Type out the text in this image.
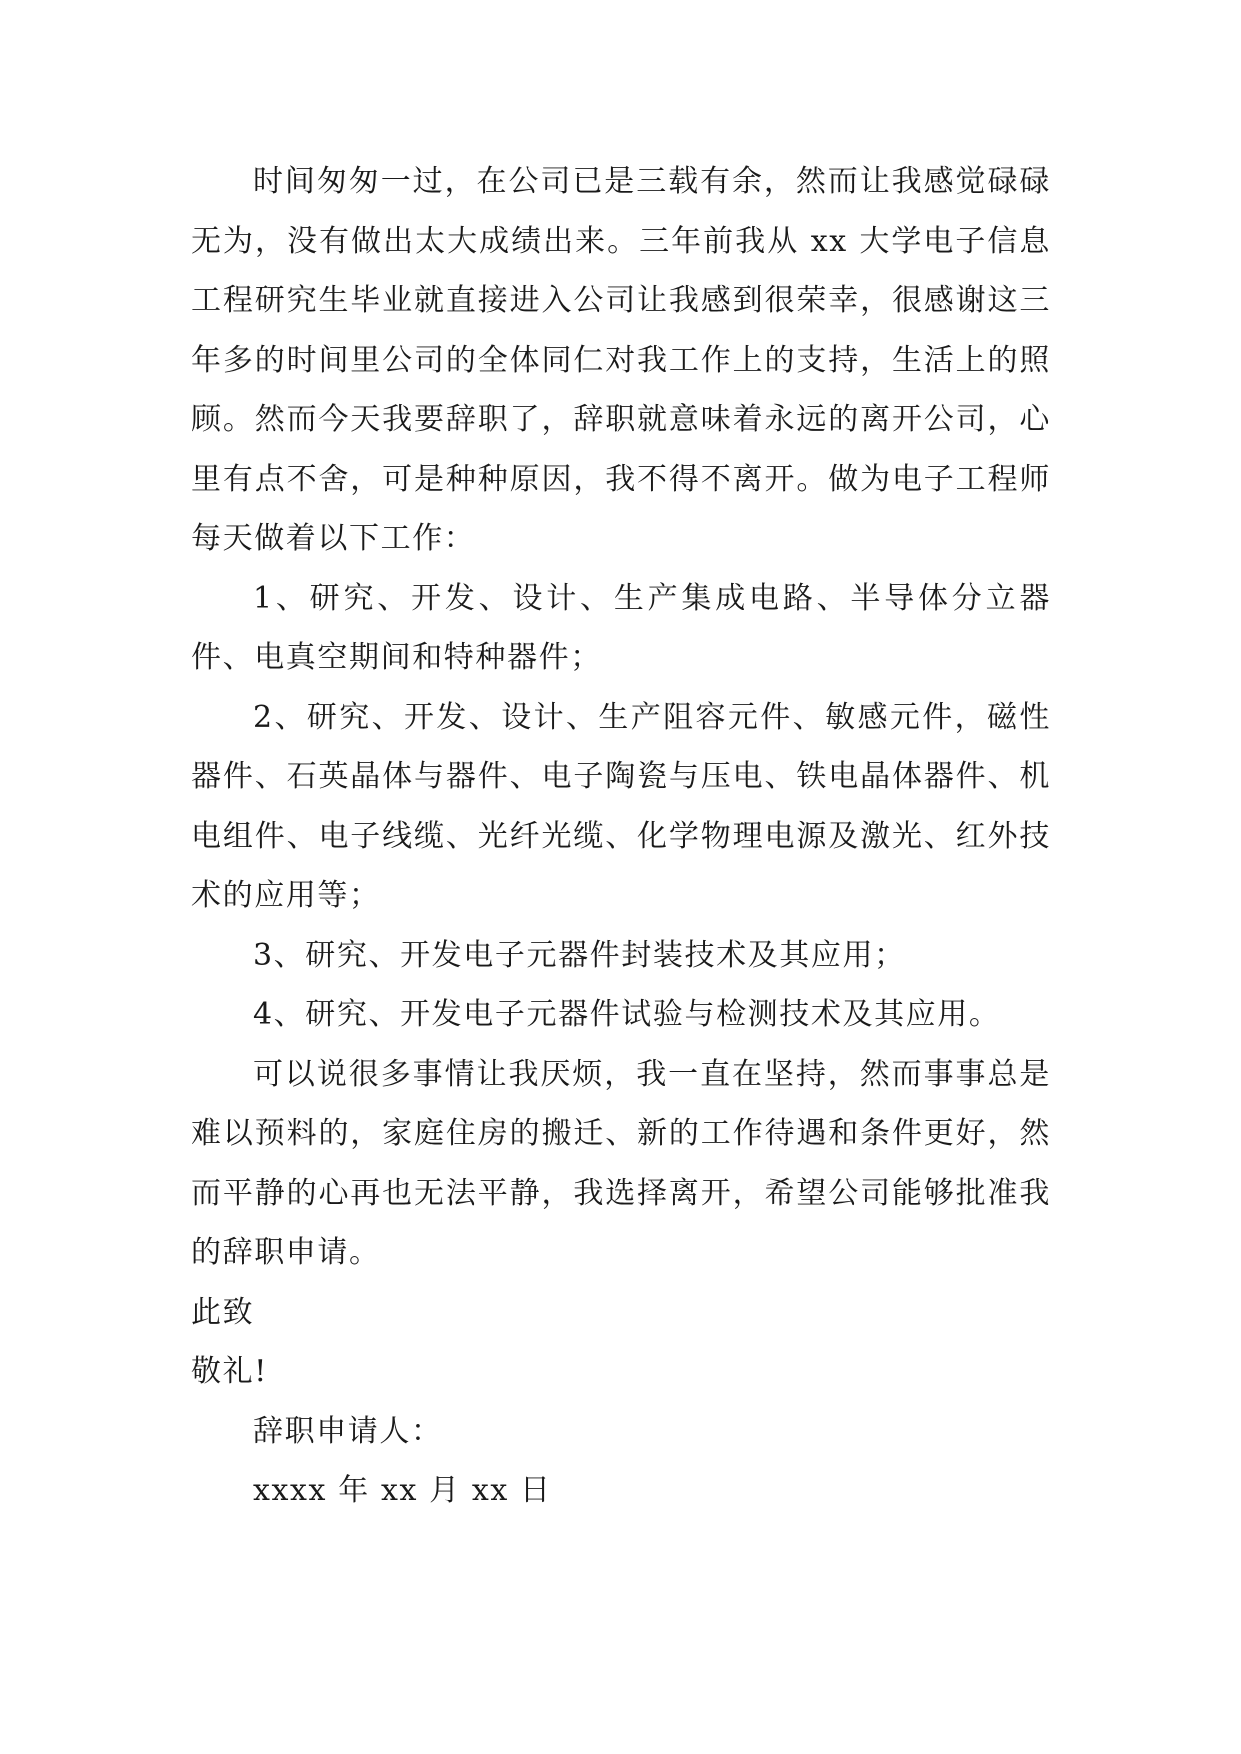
时间匆匆一过，在公司已是三载有余，然而让我感觉碌碌无为，没有做出太大成绩出来。三年前我从 xx 大学电子信息工程研究生毕业就直接进入公司让我感到很荣幸，很感谢这三年多的时间里公司的全体同仁对我工作上的支持，生活上的照顾。然而今天我要辞职了，辞职就意味着永远的离开公司，心里有点不舍，可是种种原因，我不得不离开。做为电子工程师每天做着以下工作：

1、研究、开发、设计、生产集成电路、半导体分立器件、电真空期间和特种器件；

2、研究、开发、设计、生产阻容元件、敏感元件，磁性器件、石英晶体与器件、电子陶瓷与压电、铁电晶体器件、机电组件、电子线缆、光纤光缆、化学物理电源及激光、红外技术的应用等；

3、研究、开发电子元器件封装技术及其应用；

4、研究、开发电子元器件试验与检测技术及其应用。

可以说很多事情让我厌烦，我一直在坚持，然而事事总是难以预料的，家庭住房的搬迁、新的工作待遇和条件更好，然而平静的心再也无法平静，我选择离开，希望公司能够批准我的辞职申请。

此致

敬礼!

辞职申请人：

xxxx 年 xx 月 xx 日
